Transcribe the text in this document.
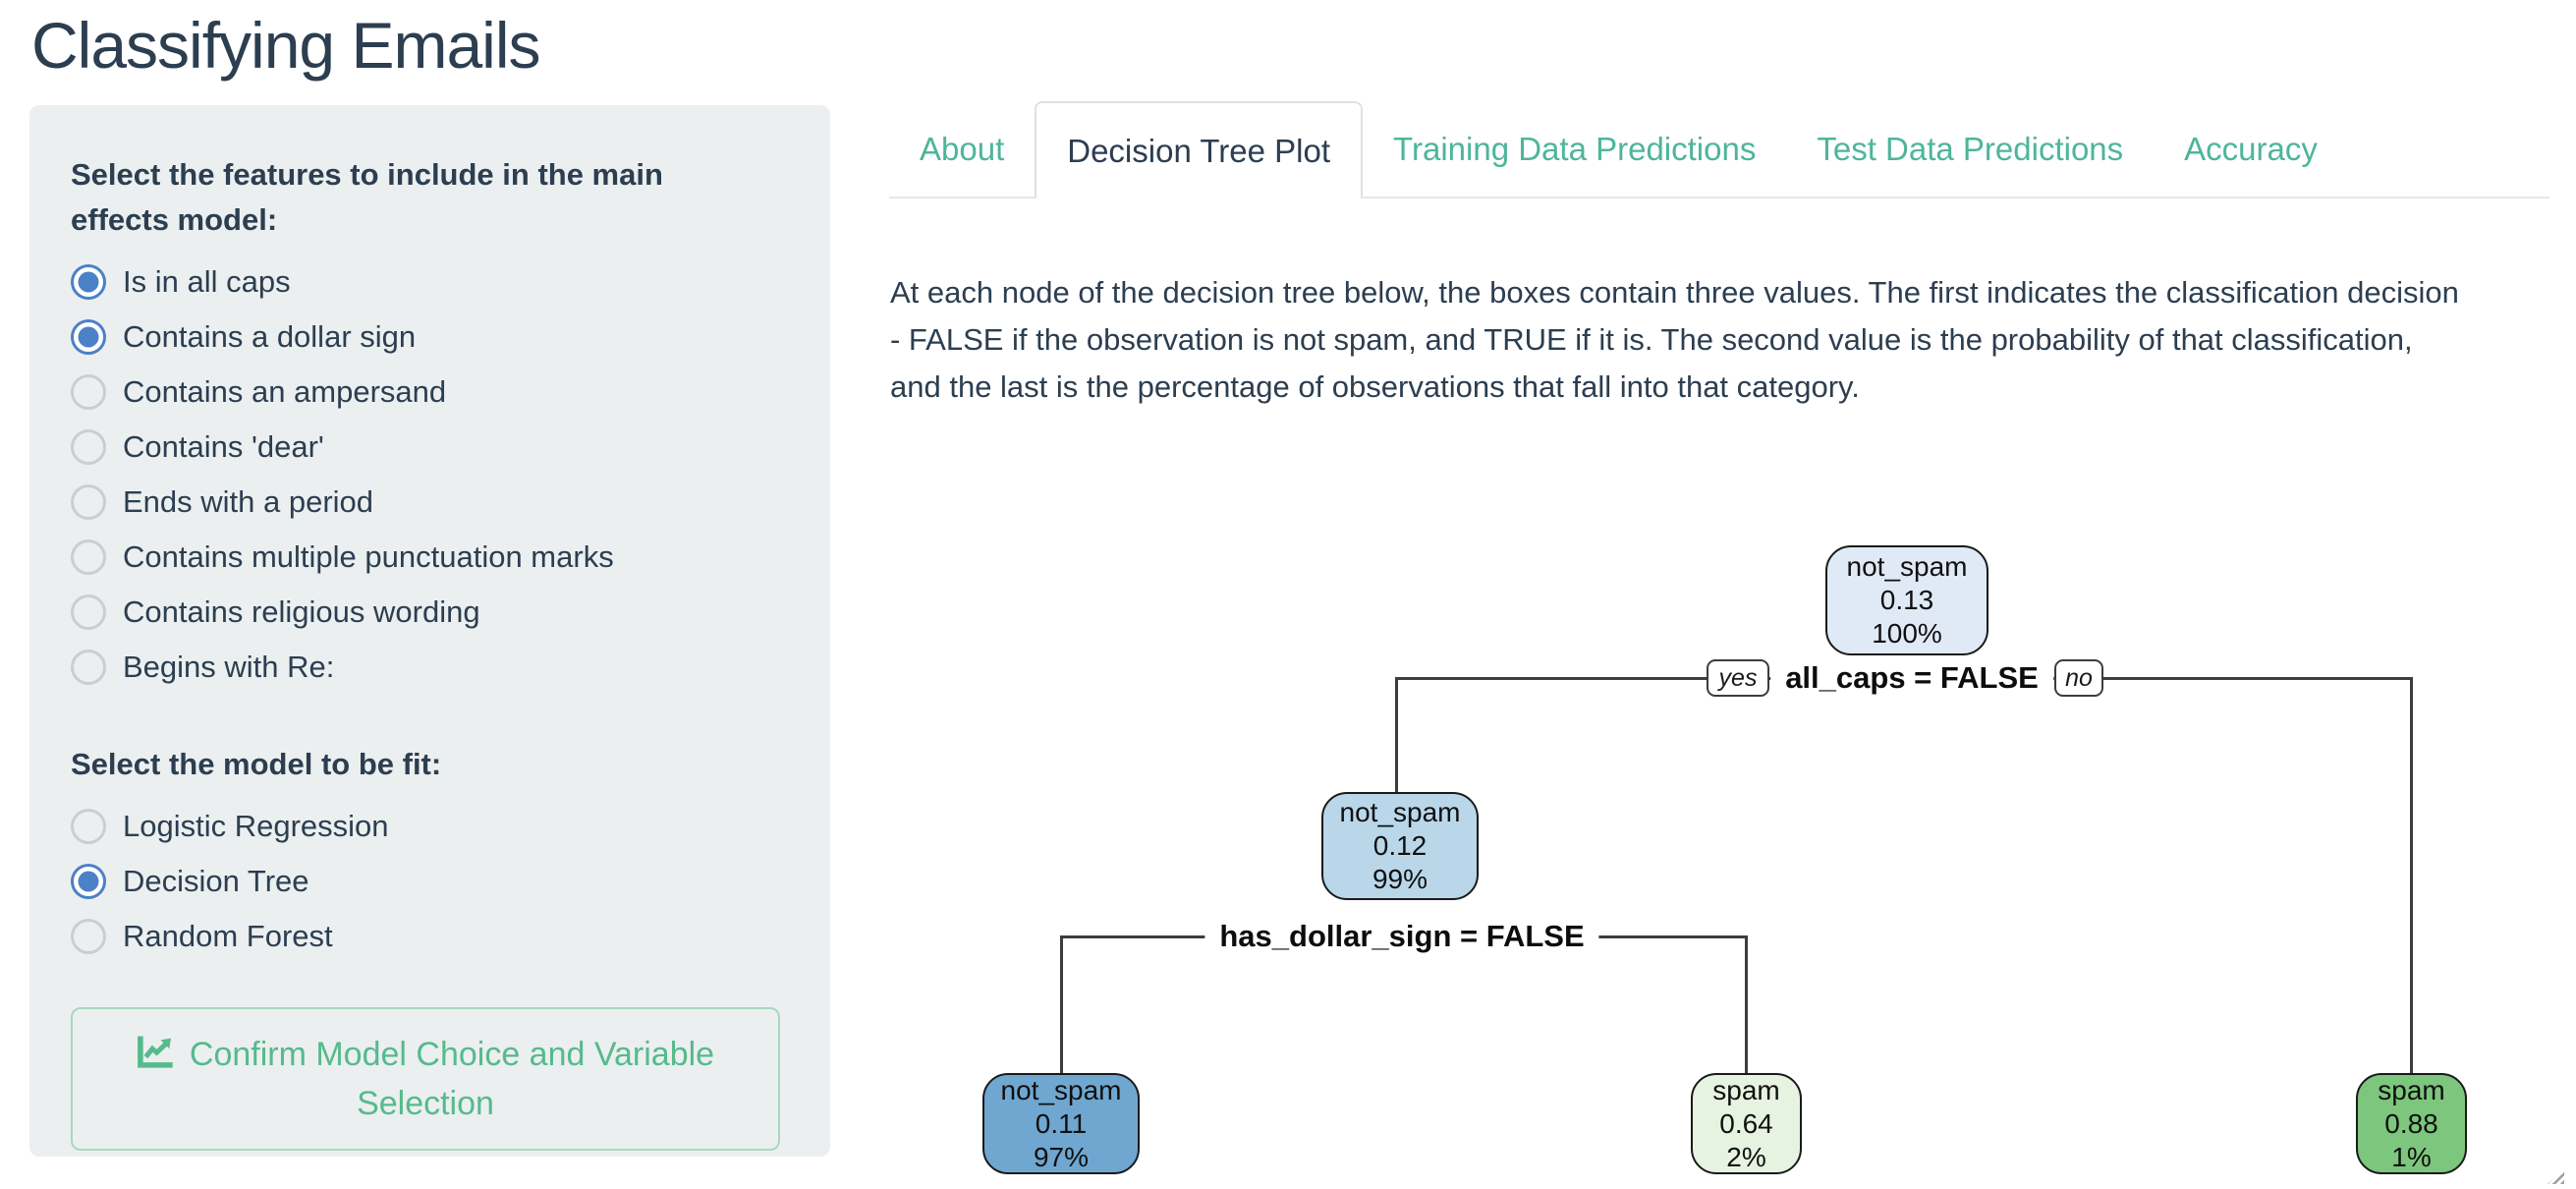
Classifying Emails
Select the features to include in the main effects model:
Is in all caps
Contains a dollar sign
Contains an ampersand
Contains 'dear'
Ends with a period
Contains multiple punctuation marks
Contains religious wording
Begins with Re:
Select the model to be fit:
Logistic Regression
Decision Tree
Random Forest
Confirm Model Choice and Variable Selection
About	Decision Tree Plot	Training Data Predictions	Test Data Predictions	Accuracy

At each node of the decision tree below, the boxes contain three values. The first indicates the classification decision - FALSE if the observation is not spam, and TRUE if it is. The second value is the probability of that classification, and the last is the percentage of observations that fall into that category.

yes all_caps = FALSE	no
has_dollar_sign = FALSE
not_spam
0.13
100%
not_spam
0.12
99%
not_spam
0.11
97%
spam
0.64
2%
spam
0.88
1%
